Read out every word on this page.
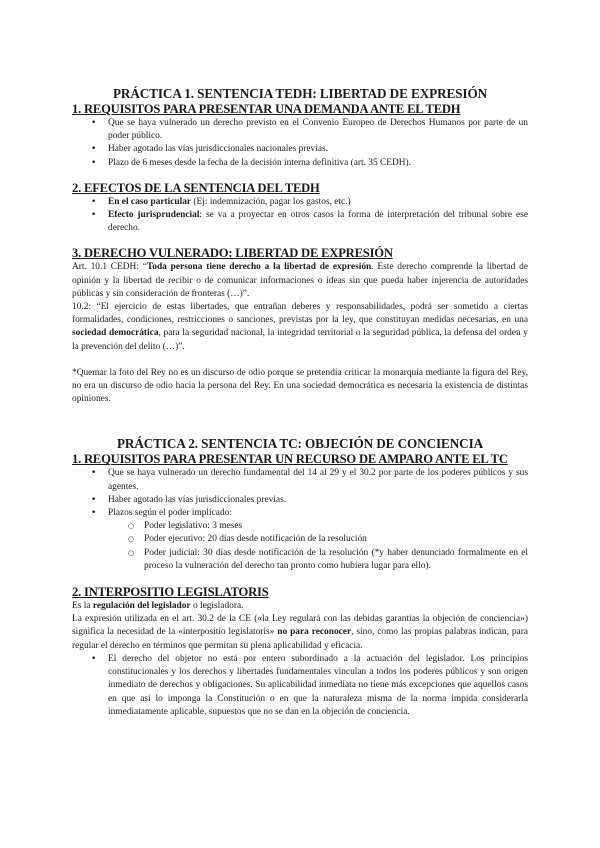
PRÁCTICA 1. SENTENCIA TEDH: LIBERTAD DE EXPRESIÓN
1. REQUISITOS PARA PRESENTAR UNA DEMANDA ANTE EL TEDH
• Que se haya vulnerado un derecho previsto en el Convenio Europeo de Derechos Humanos por parte de un poder público.
• Haber agotado las vías jurisdiccionales nacionales previas.
• Plazo de 6 meses desde la fecha de la decisión interna definitiva (art. 35 CEDH).
2. EFECTOS DE LA SENTENCIA DEL TEDH
• En el caso particular (Ej: indemnización, pagar los gastos, etc.)
• Efecto jurisprudencial: se va a proyectar en otros casos la forma de interpretación del tribunal sobre ese derecho.
3. DERECHO VULNERADO: LIBERTAD DE EXPRESIÓN

Art. 10.1 CEDH: “Toda persona tiene derecho a la libertad de expresión. Este derecho comprende la libertad de opinión y la libertad de recibir o de comunicar informaciones o ideas sin que pueda haber injerencia de autoridades públicas y sin consideración de fronteras (…)”.

10.2: “El ejercicio de estas libertades, que entrañan deberes y responsabilidades, podrá ser sometido a ciertas formalidades, condiciones, restricciones o sanciones, previstas por la ley, que constituyan medidas necesarias, en una sociedad democrática, para la seguridad nacional, la integridad territorial o la seguridad pública, la defensa del orden y la prevención del delito (…)”.

*Quemar la foto del Rey no es un discurso de odio porque se pretendía criticar la monarquía mediante la figura del Rey, no era un discurso de odio hacia la persona del Rey. En una sociedad democrática es necesaria la existencia de distintas opiniones.

PRÁCTICA 2. SENTENCIA TC: OBJECIÓN DE CONCIENCIA
1. REQUISITOS PARA PRESENTAR UN RECURSO DE AMPARO ANTE EL TC
• Que se haya vulnerado un derecho fundamental del 14 al 29 y el 30.2 por parte de los poderes públicos y sus agentes.
• Haber agotado las vías jurisdiccionales previas.
• Plazos según el poder implicado:
○ Poder legislativo: 3 meses
○ Poder ejecutivo: 20 días desde notificación de la resolución
○ Poder judicial: 30 días desde notificación de la resolución (*y haber denunciado formalmente en el proceso la vulneración del derecho tan pronto como hubiera lugar para ello).
2. INTERPOSITIO LEGISLATORIS

Es la regulación del legislador o legisladora.

La expresión utilizada en el art. 30.2 de la CE («la Ley regulará con las debidas garantías la objeción de conciencia») significa la necesidad de la «interpositio legislatoris» no para reconocer, sino, como las propias palabras indican, para regular el derecho en términos que permitan su plena aplicabilidad y eficacia.

• El derecho del objetor no está por entero subordinado a la actuación del legislador. Los principios constitucionales y los derechos y libertades fundamentales vinculan a todos los poderes públicos y son origen inmediato de derechos y obligaciones. Su aplicabilidad inmediata no tiene más excepciones que aquellos casos en que así lo imponga la Constitución o en que la naturaleza misma de la norma impida considerarla inmediatamente aplicable, supuestos que no se dan en la objeción de conciencia.
